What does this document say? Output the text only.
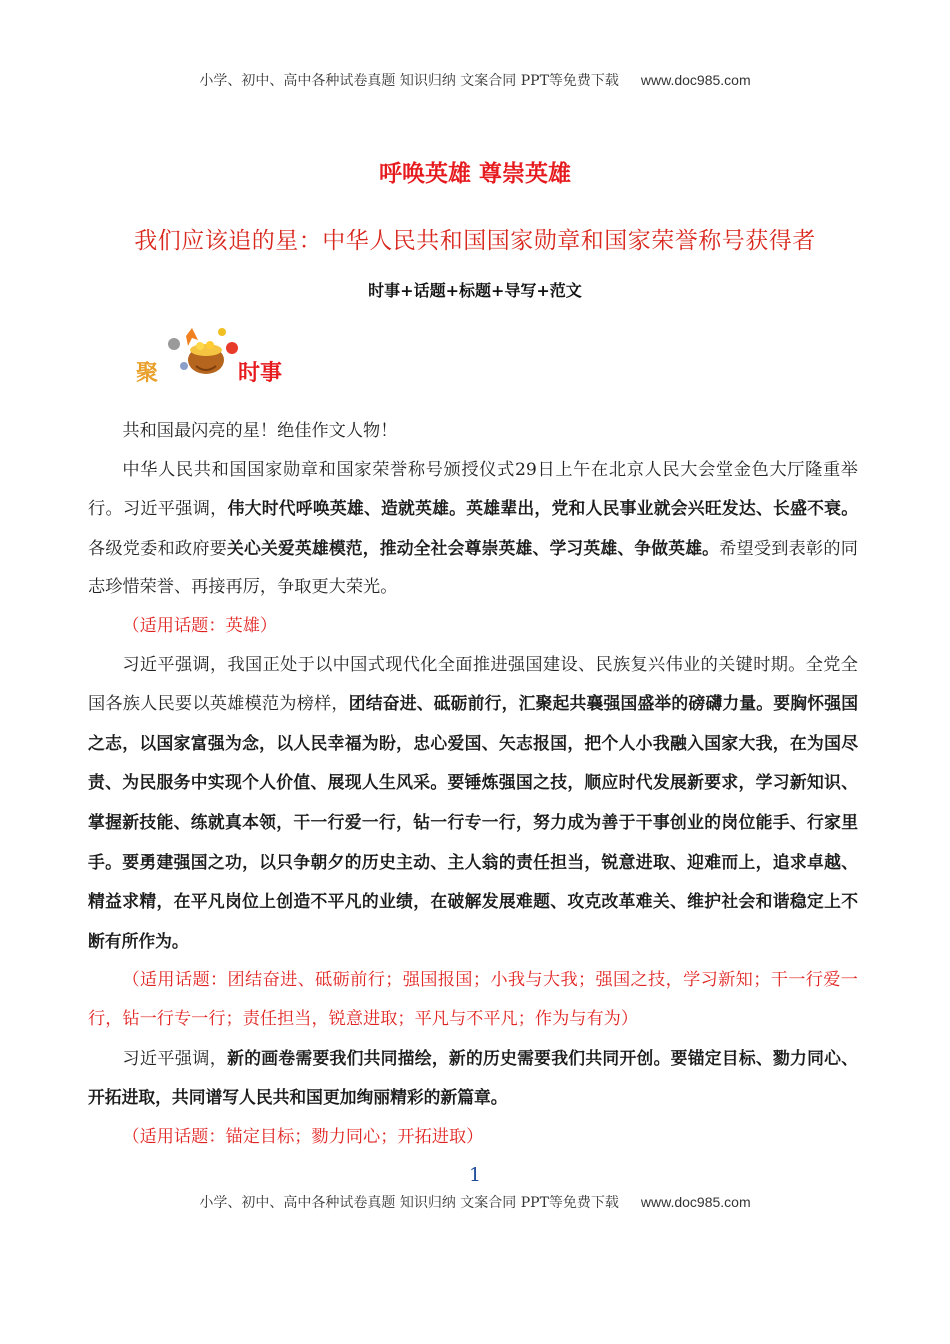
小学、初中、高中各种试卷真题 知识归纳 文案合同 PPT等免费下载 www.doc985.com
呼唤英雄 尊崇英雄
我们应该追的星：中华人民共和国国家勋章和国家荣誉称号获得者
时事+话题+标题+导写+范文
聚	时事

共和国最闪亮的星！绝佳作文人物！

中华人民共和国国家勋章和国家荣誉称号颁授仪式29日上午在北京人民大会堂金色大厅隆重举行。习近平强调，伟大时代呼唤英雄、造就英雄。英雄辈出，党和人民事业就会兴旺发达、长盛不衰。各级党委和政府要关心关爱英雄模范，推动全社会尊崇英雄、学习英雄、争做英雄。希望受到表彰的同志珍惜荣誉、再接再厉，争取更大荣光。

（适用话题：英雄）

习近平强调，我国正处于以中国式现代化全面推进强国建设、民族复兴伟业的关键时期。全党全国各族人民要以英雄模范为榜样，团结奋进、砥砺前行，汇聚起共襄强国盛举的磅礴力量。要胸怀强国之志，以国家富强为念，以人民幸福为盼，忠心爱国、矢志报国，把个人小我融入国家大我，在为国尽责、为民服务中实现个人价值、展现人生风采。要锤炼强国之技，顺应时代发展新要求，学习新知识、掌握新技能、练就真本领，干一行爱一行，钻一行专一行，努力成为善于干事创业的岗位能手、行家里手。要勇建强国之功，以只争朝夕的历史主动、主人翁的责任担当，锐意进取、迎难而上，追求卓越、精益求精，在平凡岗位上创造不平凡的业绩，在破解发展难题、攻克改革难关、维护社会和谐稳定上不断有所作为。

（适用话题：团结奋进、砥砺前行；强国报国；小我与大我；强国之技，学习新知；干一行爱一行，钻一行专一行；责任担当，锐意进取；平凡与不平凡；作为与有为）

习近平强调，新的画卷需要我们共同描绘，新的历史需要我们共同开创。要锚定目标、勠力同心、开拓进取，共同谱写人民共和国更加绚丽精彩的新篇章。

（适用话题：锚定目标；勠力同心；开拓进取）

1
小学、初中、高中各种试卷真题 知识归纳 文案合同 PPT等免费下载 www.doc985.com
